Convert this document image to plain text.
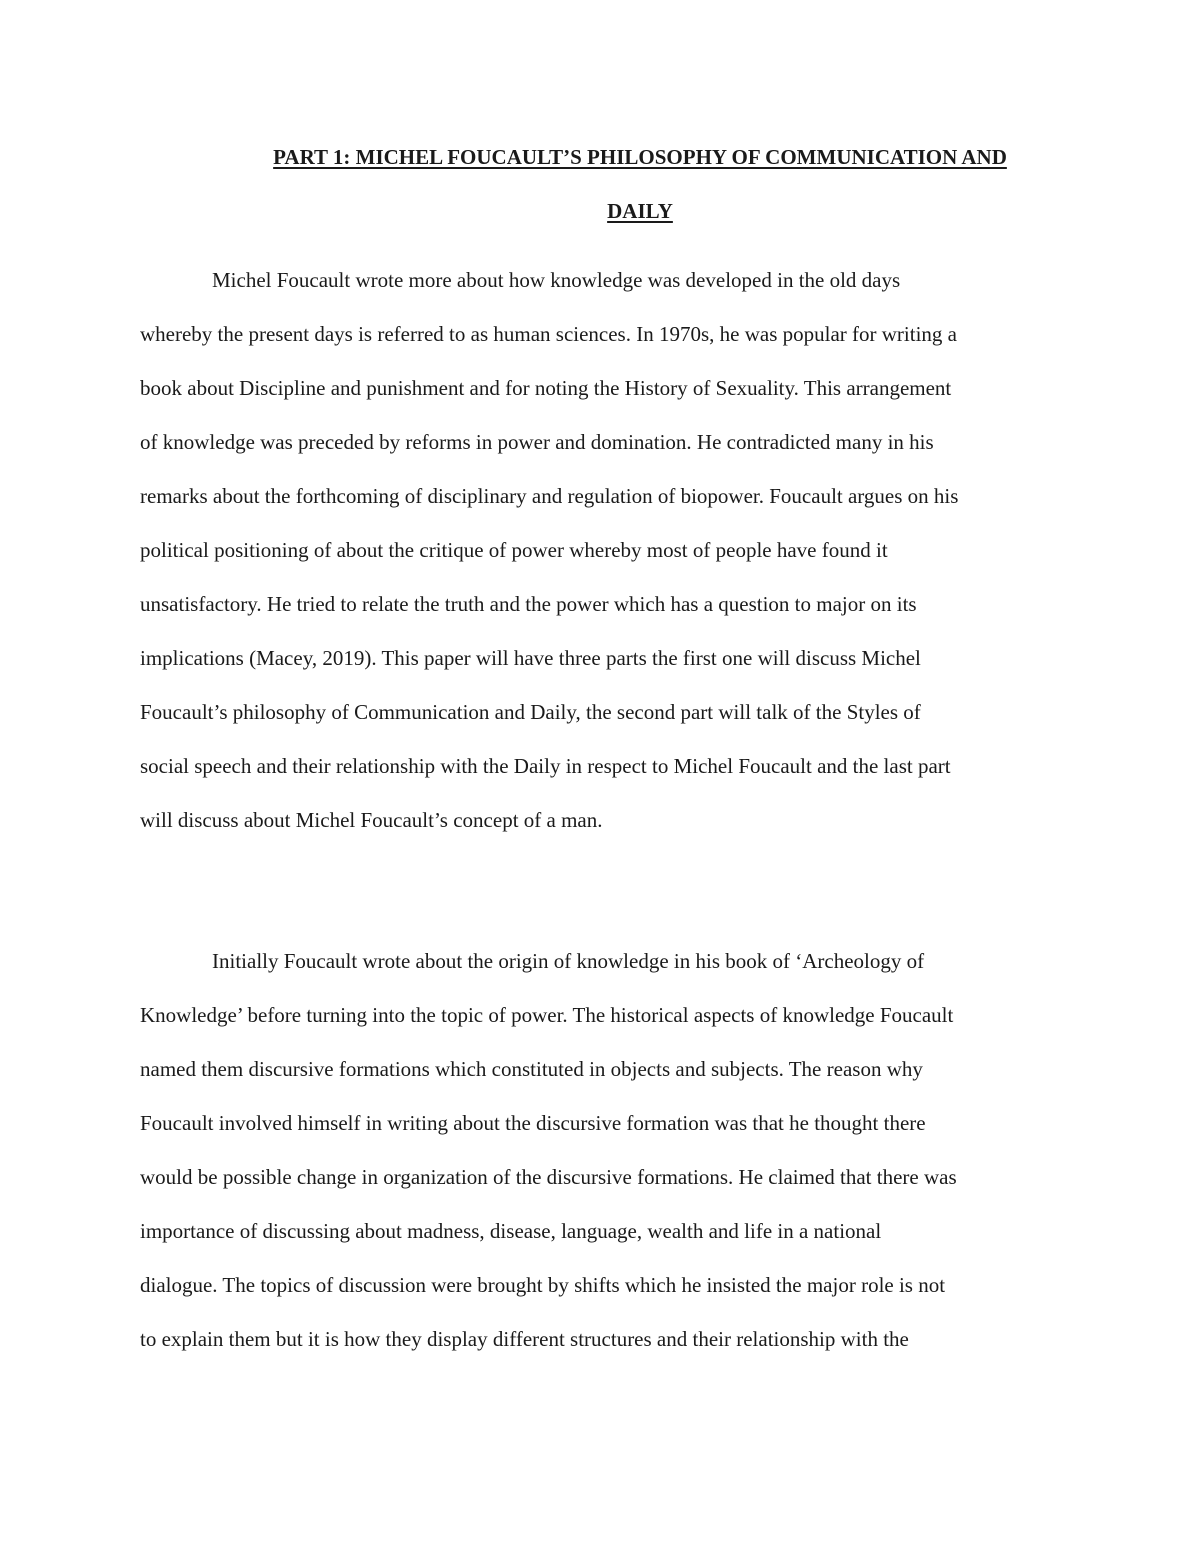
PART 1: MICHEL FOUCAULT’S PHILOSOPHY OF COMMUNICATION AND
DAILY

Michel Foucault wrote more about how knowledge was developed in the old days

whereby the present days is referred to as human sciences. In 1970s, he was popular for writing a

book about Discipline and punishment and for noting the History of Sexuality. This arrangement

of knowledge was preceded by reforms in power and domination. He contradicted many in his

remarks about the forthcoming of disciplinary and regulation of biopower. Foucault argues on his

political positioning of about the critique of power whereby most of people have found it

unsatisfactory. He tried to relate the truth and the power which has a question to major on its

implications (Macey, 2019). This paper will have three parts the first one will discuss Michel

Foucault’s philosophy of Communication and Daily, the second part will talk of the Styles of

social speech and their relationship with the Daily in respect to Michel Foucault and the last part

will discuss about Michel Foucault’s concept of a man.

Initially Foucault wrote about the origin of knowledge in his book of ‘Archeology of

Knowledge’ before turning into the topic of power. The historical aspects of knowledge Foucault

named them discursive formations which constituted in objects and subjects. The reason why

Foucault involved himself in writing about the discursive formation was that he thought there

would be possible change in organization of the discursive formations. He claimed that there was

importance of discussing about madness, disease, language, wealth and life in a national

dialogue. The topics of discussion were brought by shifts which he insisted the major role is not

to explain them but it is how they display different structures and their relationship with the
